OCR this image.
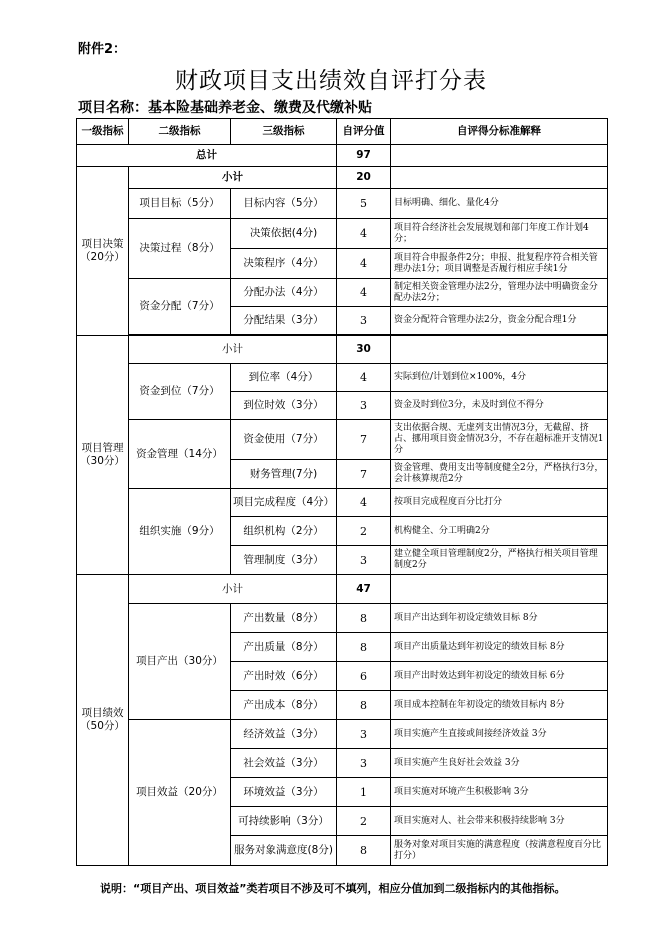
附件2：
财政项目支出绩效自评打分表
项目名称：基本险基础养老金、缴费及代缴补贴
一级指标	二级指标	三级指标	自评分值	自评得分标准解释
总计			97	
项目决策（20分）	小计		20	
	项目目标（5分）	目标内容（5分）	5	目标明确、细化、量化4分
	决策过程（8分）	决策依据(4分)	4	项目符合经济社会发展规划和部门年度工作计划4分；
		决策程序（4分）	4	项目符合申报条件2分；申报、批复程序符合相关管理办法1分；项目调整是否履行相应手续1分
	资金分配（7分）	分配办法（4分）	4	制定相关资金管理办法2分，管理办法中明确资金分配办法2分；
		分配结果（3分）	3	资金分配符合管理办法2分，资金分配合理1分

项目管理（30分）	小计		30	
	资金到位（7分）	到位率（4分）	4	实际到位/计划到位×100%，4分
		到位时效（3分）	3	资金及时到位3分，未及时到位不得分
	资金管理（14分）	资金使用（7分）	7	支出依据合规、无虚列支出情况3分，无截留、挤占、挪用项目资金情况3分，不存在超标准开支情况1分
		财务管理(7分)	7	资金管理、费用支出等制度健全2分，严格执行3分，会计核算规范2分
	组织实施（9分）	项目完成程度（4分）	4	按项目完成程度百分比打分
		组织机构（2分）	2	机构健全、分工明确2分
		管理制度（3分）	3	建立健全项目管理制度2分，严格执行相关项目管理制度2分
项目绩效（50分）	小计		47	
	项目产出（30分）	产出数量（8分）	8	项目产出达到年初设定绩效目标 8分
		产出质量（8分）	8	项目产出质量达到年初设定的绩效目标 8分
		产出时效（6分）	6	项目产出时效达到年初设定的绩效目标 6分
		产出成本（8分）	8	项目成本控制在年初设定的绩效目标内 8分
	项目效益（20分）	经济效益（3分）	3	项目实施产生直接或间接经济效益 3分
		社会效益（3分）	3	项目实施产生良好社会效益 3分
		环境效益（3分）	1	项目实施对环境产生积极影响 3分
		可持续影响（3分）	2	项目实施对人、社会带来积极持续影响 3分
		服务对象满意度(8分)	8	服务对象对项目实施的满意程度（按满意程度百分比打分）
说明：“项目产出、项目效益”类若项目不涉及可不填列，相应分值加到二级指标内的其他指标。
